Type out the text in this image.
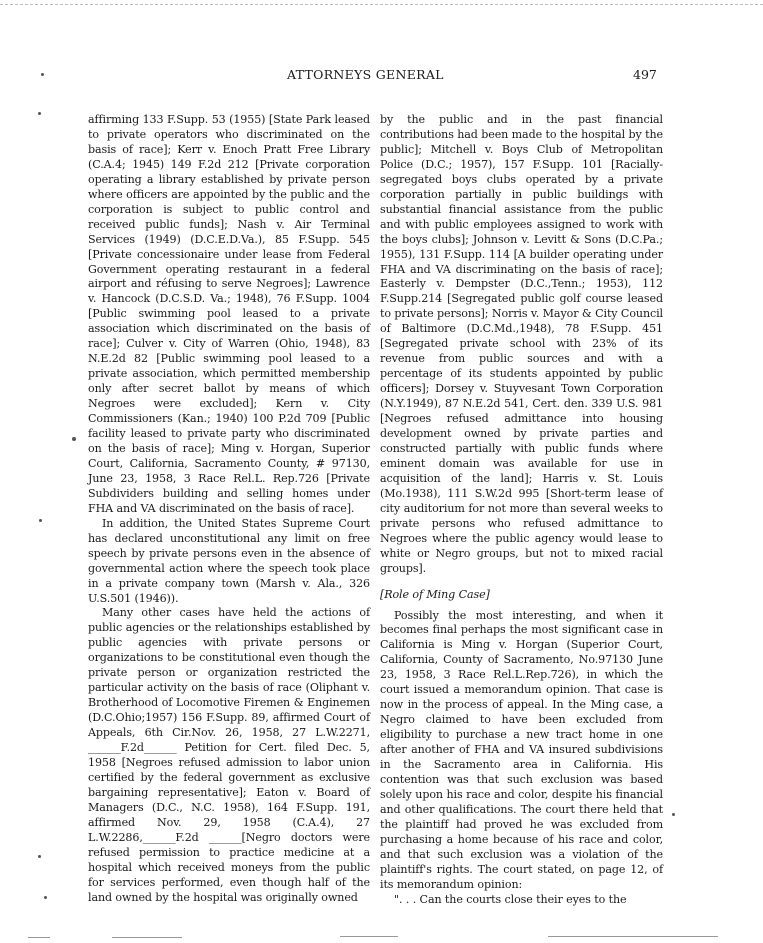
ATTORNEYS GENERAL	497

affirming 133 F.Supp. 53 (1955) [State Park leased to private operators who discriminated on the basis of race]; Kerr v. Enoch Pratt Free Library (C.A.4; 1945) 149 F.2d 212 [Private corporation operating a library established by private person where officers are appointed by the public and the corporation is subject to public control and received public funds]; Nash v. Air Terminal Services (1949) (D.C.E.D.Va.), 85 F.Supp. 545 [Private concessionaire under lease from Federal Government operating restaurant in a federal airport and réfusing to serve Negroes]; Lawrence v. Hancock (D.C.S.D. Va.; 1948), 76 F.Supp. 1004 [Public swimming pool leased to a private association which discriminated on the basis of race]; Culver v. City of Warren (Ohio, 1948), 83 N.E.2d 82 [Public swimming pool leased to a private association, which permitted membership only after secret ballot by means of which Negroes were excluded]; Kern v. City Commissioners (Kan.; 1940) 100 P.2d 709 [Public facility leased to private party who discriminated on the basis of race]; Ming v. Horgan, Superior Court, California, Sacramento County, # 97130, June 23, 1958, 3 Race Rel.L. Rep.726 [Private Subdividers building and selling homes under FHA and VA discriminated on the basis of race].

In addition, the United States Supreme Court has declared unconstitutional any limit on free speech by private persons even in the absence of governmental action where the speech took place in a private company town (Marsh v. Ala., 326 U.S.501 (1946)).

Many other cases have held the actions of public agencies or the relationships established by public agencies with private persons or organizations to be constitutional even though the private person or organization restricted the particular activity on the basis of race (Oliphant v. Brotherhood of Locomotive Firemen & Enginemen (D.C.Ohio;1957) 156 F.Supp. 89, affirmed Court of Appeals, 6th Cir.Nov. 26, 1958, 27 L.W.2271, ______F.2d______ Petition for Cert. filed Dec. 5, 1958 [Negroes refused admission to labor union certified by the federal government as exclusive bargaining representative]; Eaton v. Board of Managers (D.C., N.C. 1958), 164 F.Supp. 191, affirmed Nov. 29, 1958 (C.A.4), 27 L.W.2286,______F.2d ______[Negro doctors were refused permission to practice medicine at a hospital which received moneys from the public for services performed, even though half of the land owned by the hospital was originally owned

by the public and in the past financial contributions had been made to the hospital by the public]; Mitchell v. Boys Club of Metropolitan Police (D.C.; 1957), 157 F.Supp. 101 [Racially-segregated boys clubs operated by a private corporation partially in public buildings with substantial financial assistance from the public and with public employees assigned to work with the boys clubs]; Johnson v. Levitt & Sons (D.C.Pa.; 1955), 131 F.Supp. 114 [A builder operating under FHA and VA discriminating on the basis of race]; Easterly v. Dempster (D.C.,Tenn.; 1953), 112 F.Supp.214 [Segregated public golf course leased to private persons]; Norris v. Mayor & City Council of Baltimore (D.C.Md.,1948), 78 F.Supp. 451 [Segregated private school with 23% of its revenue from public sources and with a percentage of its students appointed by public officers]; Dorsey v. Stuyvesant Town Corporation (N.Y.1949), 87 N.E.2d 541, Cert. den. 339 U.S. 981 [Negroes refused admittance into housing development owned by private parties and constructed partially with public funds where eminent domain was available for use in acquisition of the land]; Harris v. St. Louis (Mo.1938), 111 S.W.2d 995 [Short-term lease of city auditorium for not more than several weeks to private persons who refused admittance to Negroes where the public agency would lease to white or Negro groups, but not to mixed racial groups].

[Role of Ming Case]

Possibly the most interesting, and when it becomes final perhaps the most significant case in California is Ming v. Horgan (Superior Court, California, County of Sacramento, No.97130 June 23, 1958, 3 Race Rel.L.Rep.726), in which the court issued a memorandum opinion. That case is now in the process of appeal. In the Ming case, a Negro claimed to have been excluded from eligibility to purchase a new tract home in one after another of FHA and VA insured subdivisions in the Sacramento area in California. His contention was that such exclusion was based solely upon his race and color, despite his financial and other qualifications. The court there held that the plaintiff had proved he was excluded from purchasing a home because of his race and color, and that such exclusion was a violation of the plaintiff's rights. The court stated, on page 12, of its memorandum opinion:

". . . Can the courts close their eyes to the
